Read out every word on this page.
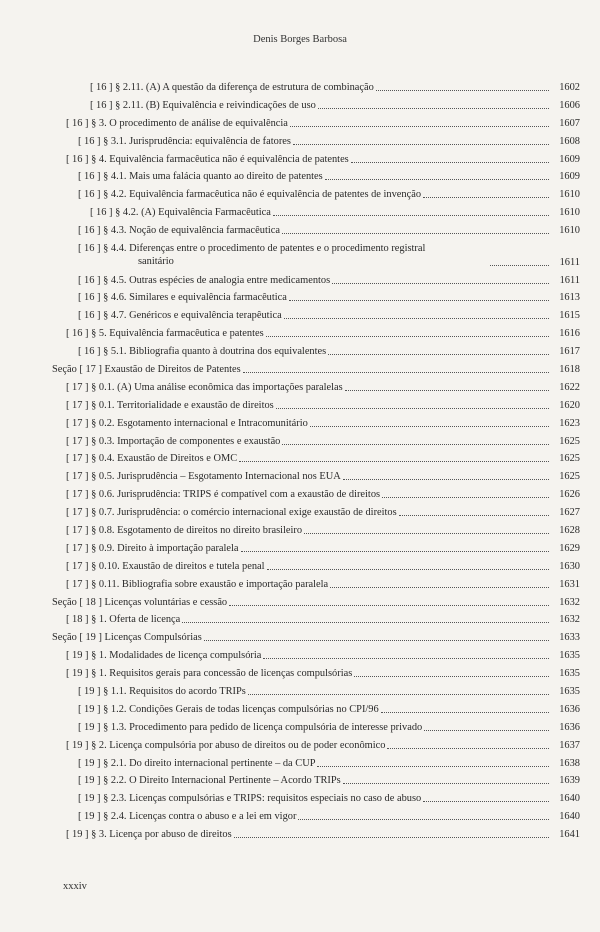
Denis Borges Barbosa
[ 16 ] § 2.11. (A) A questão da diferença de estrutura de combinação	1602
[ 16 ] § 2.11. (B) Equivalência e reivindicações de uso	1606
[ 16 ] § 3. O procedimento de análise de equivalência	1607
[ 16 ] § 3.1. Jurisprudência: equivalência de fatores	1608
[ 16 ] § 4. Equivalência farmacêutica não é equivalência de patentes	1609
[ 16 ] § 4.1. Mais uma falácia quanto ao direito de patentes	1609
[ 16 ] § 4.2. Equivalência farmacêutica não é equivalência de patentes de invenção	1610
[ 16 ] § 4.2. (A) Equivalência Farmacêutica	1610
[ 16 ] § 4.3. Noção de equivalência farmacêutica	1610
[ 16 ] § 4.4. Diferenças entre o procedimento de patentes e o procedimento registral
sanitário	1611
[ 16 ] § 4.5. Outras espécies de analogia entre medicamentos	1611
[ 16 ] § 4.6. Similares e equivalência farmacêutica	1613
[ 16 ] § 4.7. Genéricos e equivalência terapêutica	1615
[ 16 ] § 5. Equivalência farmacêutica e patentes	1616
[ 16 ] § 5.1. Bibliografia quanto à doutrina dos equivalentes	1617
Seção [ 17 ] Exaustão de Direitos de Patentes	1618
[ 17 ] § 0.1. (A) Uma análise econômica das importações paralelas	1622
[ 17 ] § 0.1. Territorialidade e exaustão de direitos	1620
[ 17 ] § 0.2. Esgotamento internacional e Intracomunitário	1623
[ 17 ] § 0.3. Importação de componentes e exaustão	1625
[ 17 ] § 0.4. Exaustão de Direitos e OMC	1625
[ 17 ] § 0.5. Jurisprudência – Esgotamento Internacional nos EUA	1625
[ 17 ] § 0.6. Jurisprudência: TRIPS é compatível com a exaustão de direitos	1626
[ 17 ] § 0.7. Jurisprudência: o comércio internacional exige exaustão de direitos	1627
[ 17 ] § 0.8. Esgotamento de direitos no direito brasileiro	1628
[ 17 ] § 0.9. Direito à importação paralela	1629
[ 17 ] § 0.10. Exaustão de direitos e tutela penal	1630
[ 17 ] § 0.11. Bibliografia sobre exaustão e importação paralela	1631
Seção [ 18 ] Licenças voluntárias e cessão	1632
[ 18 ] § 1. Oferta de licença	1632
Seção [ 19 ] Licenças Compulsórias	1633
[ 19 ] § 1. Modalidades de licença compulsória	1635
[ 19 ] § 1. Requisitos gerais para concessão de licenças compulsórias	1635
[ 19 ] § 1.1. Requisitos do acordo TRIPs	1635
[ 19 ] § 1.2. Condições Gerais de todas licenças compulsórias no CPI/96	1636
[ 19 ] § 1.3. Procedimento para pedido de licença compulsória de interesse privado	1636
[ 19 ] § 2. Licença compulsória por abuso de direitos ou de poder econômico	1637
[ 19 ] § 2.1. Do direito internacional pertinente – da CUP	1638
[ 19 ] § 2.2. O Direito Internacional Pertinente – Acordo TRIPs	1639
[ 19 ] § 2.3. Licenças compulsórias e TRIPS: requisitos especiais no caso de abuso	1640
[ 19 ] § 2.4. Licenças contra o abuso e a lei em vigor	1640
[ 19 ] § 3. Licença por abuso de direitos	1641
xxxiv
